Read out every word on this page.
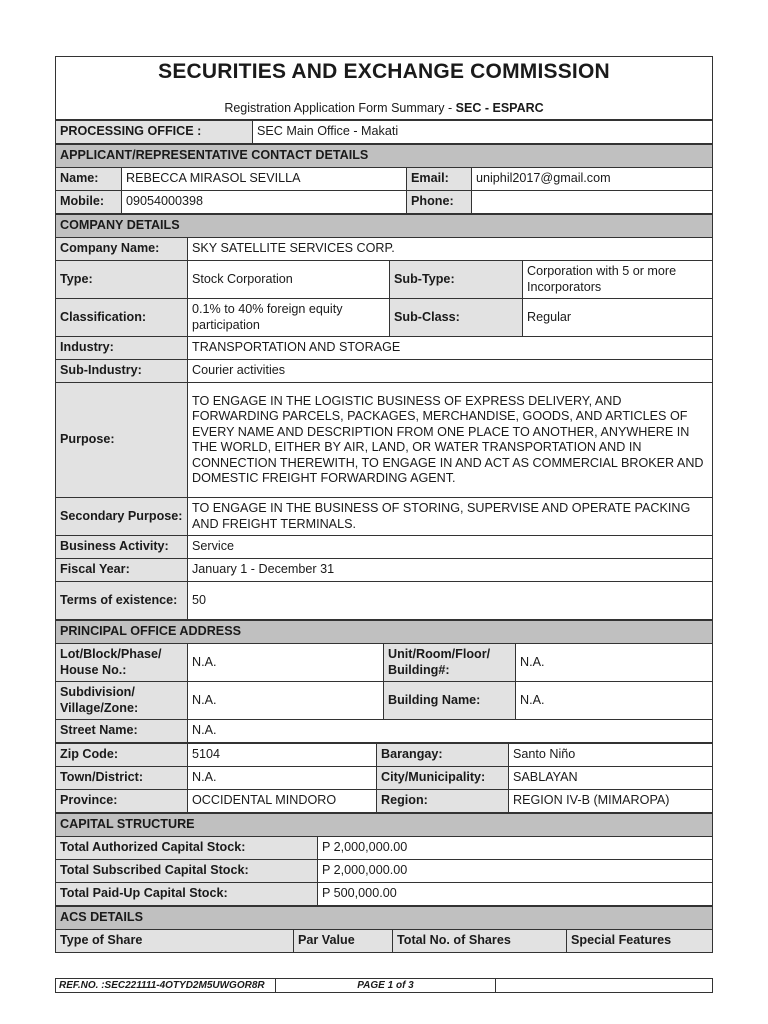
SECURITIES AND EXCHANGE COMMISSION
Registration Application Form Summary - SEC - ESPARC
PROCESSING OFFICE :	SEC Main Office - Makati
APPLICANT/REPRESENTATIVE CONTACT DETAILS			
Name:	REBECCA MIRASOL SEVILLA	Email:	uniphil2017@gmail.com
Mobile:	09054000398	Phone:	
COMPANY DETAILS			
Company Name:	SKY SATELLITE SERVICES CORP.		
Type:	Stock Corporation	Sub-Type:	Corporation with 5 or more Incorporators
Classification:	0.1% to 40% foreign equity participation	Sub-Class:	Regular
Industry:	TRANSPORTATION AND STORAGE		
Sub-Industry:	Courier activities		
Purpose:	TO ENGAGE IN THE LOGISTIC BUSINESS OF EXPRESS DELIVERY, AND FORWARDING PARCELS, PACKAGES, MERCHANDISE, GOODS, AND ARTICLES OF EVERY NAME AND DESCRIPTION FROM ONE PLACE TO ANOTHER, ANYWHERE IN THE WORLD, EITHER BY AIR, LAND, OR WATER TRANSPORTATION AND IN CONNECTION THEREWITH, TO ENGAGE IN AND ACT AS COMMERCIAL BROKER AND DOMESTIC FREIGHT FORWARDING AGENT.		
Secondary Purpose:	TO ENGAGE IN THE BUSINESS OF STORING, SUPERVISE AND OPERATE PACKING AND FREIGHT TERMINALS.		
Business Activity:	Service		
Fiscal Year:	January 1 - December 31		
Terms of existence:	50		
PRINCIPAL OFFICE ADDRESS			
Lot/Block/Phase/ House No.:	N.A.	Unit/Room/Floor/ Building#:	N.A.
Subdivision/ Village/Zone:	N.A.	Building Name:	N.A.
Street Name:	N.A.		
Zip Code:	5104	Barangay:	Santo Niño
Town/District:	N.A.	City/Municipality:	SABLAYAN
Province:	OCCIDENTAL MINDORO	Region:	REGION IV-B (MIMAROPA)
CAPITAL STRUCTURE	
Total Authorized Capital Stock:	P 2,000,000.00
Total Subscribed Capital Stock:	P 2,000,000.00
Total Paid-Up Capital Stock:	P 500,000.00
ACS DETAILS
Type of Share	Par Value	Total No. of Shares	Special Features
REF.NO. :SEC221111-4OTYD2M5UWGOR8R	PAGE 1 of 3	
